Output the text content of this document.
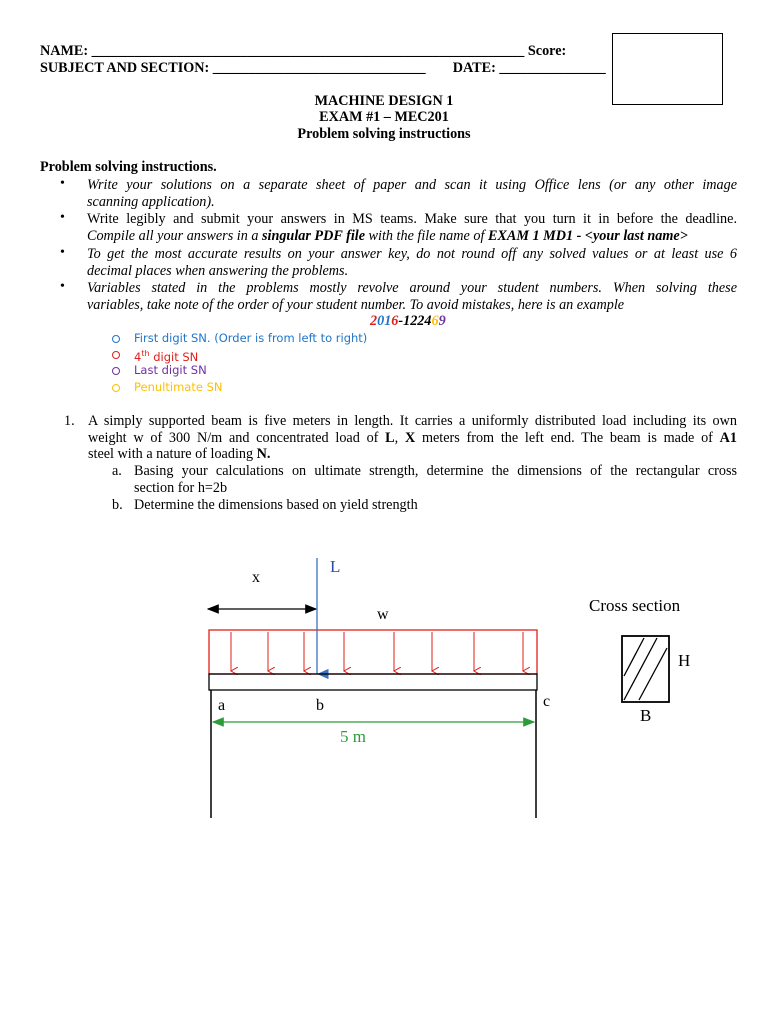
NAME: _____________________________________________________________ Score:
SUBJECT AND SECTION: ______________________________ DATE: _______________
MACHINE DESIGN 1
EXAM #1 – MEC201
Problem solving instructions
Problem solving instructions.
• Write your solutions on a separate sheet of paper and scan it using Office lens (or any other image
scanning application).
• Write legibly and submit your answers in MS teams. Make sure that you turn it in before the deadline.
Compile all your answers in a singular PDF file with the file name of EXAM 1 MD1 - <your last name>
• To get the most accurate results on your answer key, do not round off any solved values or at least use 6
decimal places when answering the problems.
• Variables stated in the problems mostly revolve around your student numbers. When solving these
variables, take note of the order of your student number. To avoid mistakes, here is an example
2016-122469
First digit SN. (Order is from left to right)
4th digit SN
Last digit SN
Penultimate SN
1. A simply supported beam is five meters in length. It carries a uniformly distributed load including its own
weight w of 300 N/m and concentrated load of L, X meters from the left end. The beam is made of A1
steel with a nature of loading N.
a. Basing your calculations on ultimate strength, determine the dimensions of the rectangular cross
section for h=2b
b. Determine the dimensions based on yield strength
x
L
w
a	b	c
5 m
Cross section
H
B
